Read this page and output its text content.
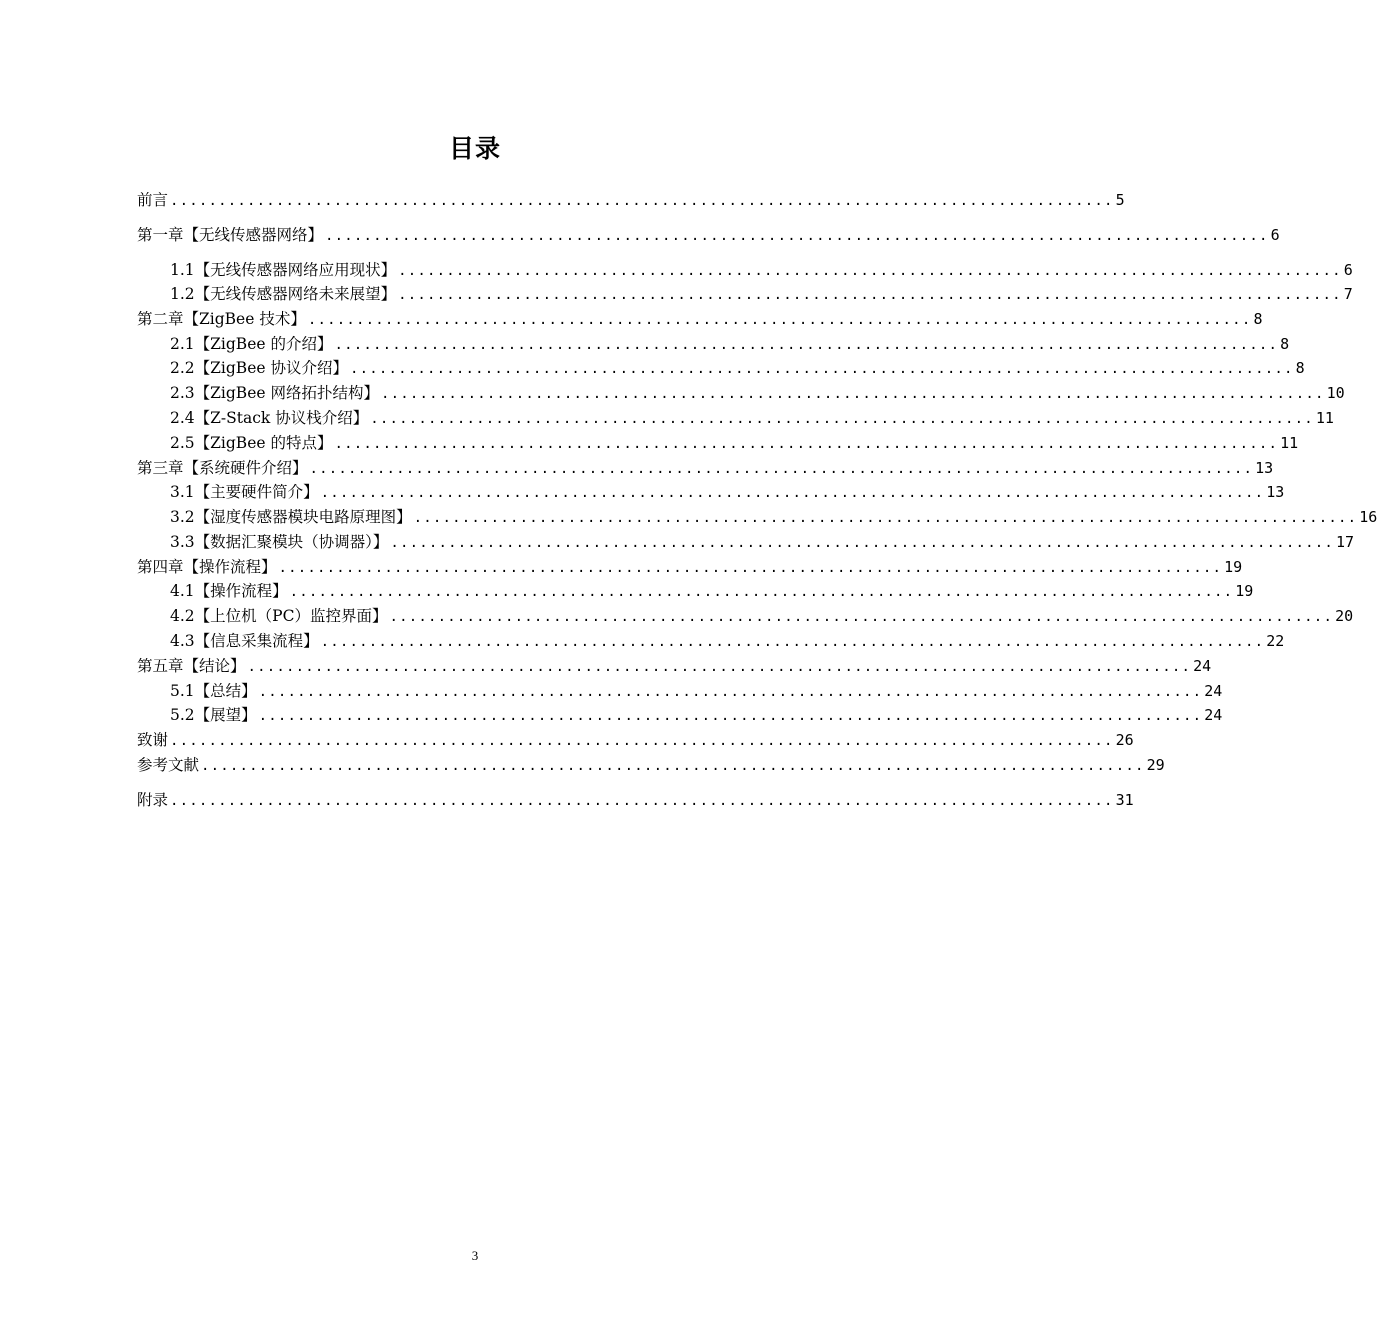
目录
前言 .................................................................................................. 5
第一章【无线传感器网络】 .................................................................................................. 6
1.1【无线传感器网络应用现状】 .................................................................................................. 6
1.2【无线传感器网络未来展望】 .................................................................................................. 7
第二章【ZigBee 技术】 .................................................................................................. 8
2.1【ZigBee 的介绍】 .................................................................................................. 8
2.2【ZigBee 协议介绍】 .................................................................................................. 8
2.3【ZigBee 网络拓扑结构】 .................................................................................................. 10
2.4【Z-Stack 协议栈介绍】 .................................................................................................. 11
2.5【ZigBee 的特点】 .................................................................................................. 11
第三章【系统硬件介绍】 .................................................................................................. 13
3.1【主要硬件简介】 .................................................................................................. 13
3.2【湿度传感器模块电路原理图】 .................................................................................................. 16
3.3【数据汇聚模块（协调器）】 .................................................................................................. 17
第四章【操作流程】 .................................................................................................. 19
4.1【操作流程】 .................................................................................................. 19
4.2【上位机（PC）监控界面】 .................................................................................................. 20
4.3【信息采集流程】 .................................................................................................. 22
第五章【结论】 .................................................................................................. 24
5.1【总结】 .................................................................................................. 24
5.2【展望】 .................................................................................................. 24
致谢 .................................................................................................. 26
参考文献 .................................................................................................. 29
附录 .................................................................................................. 31
3
